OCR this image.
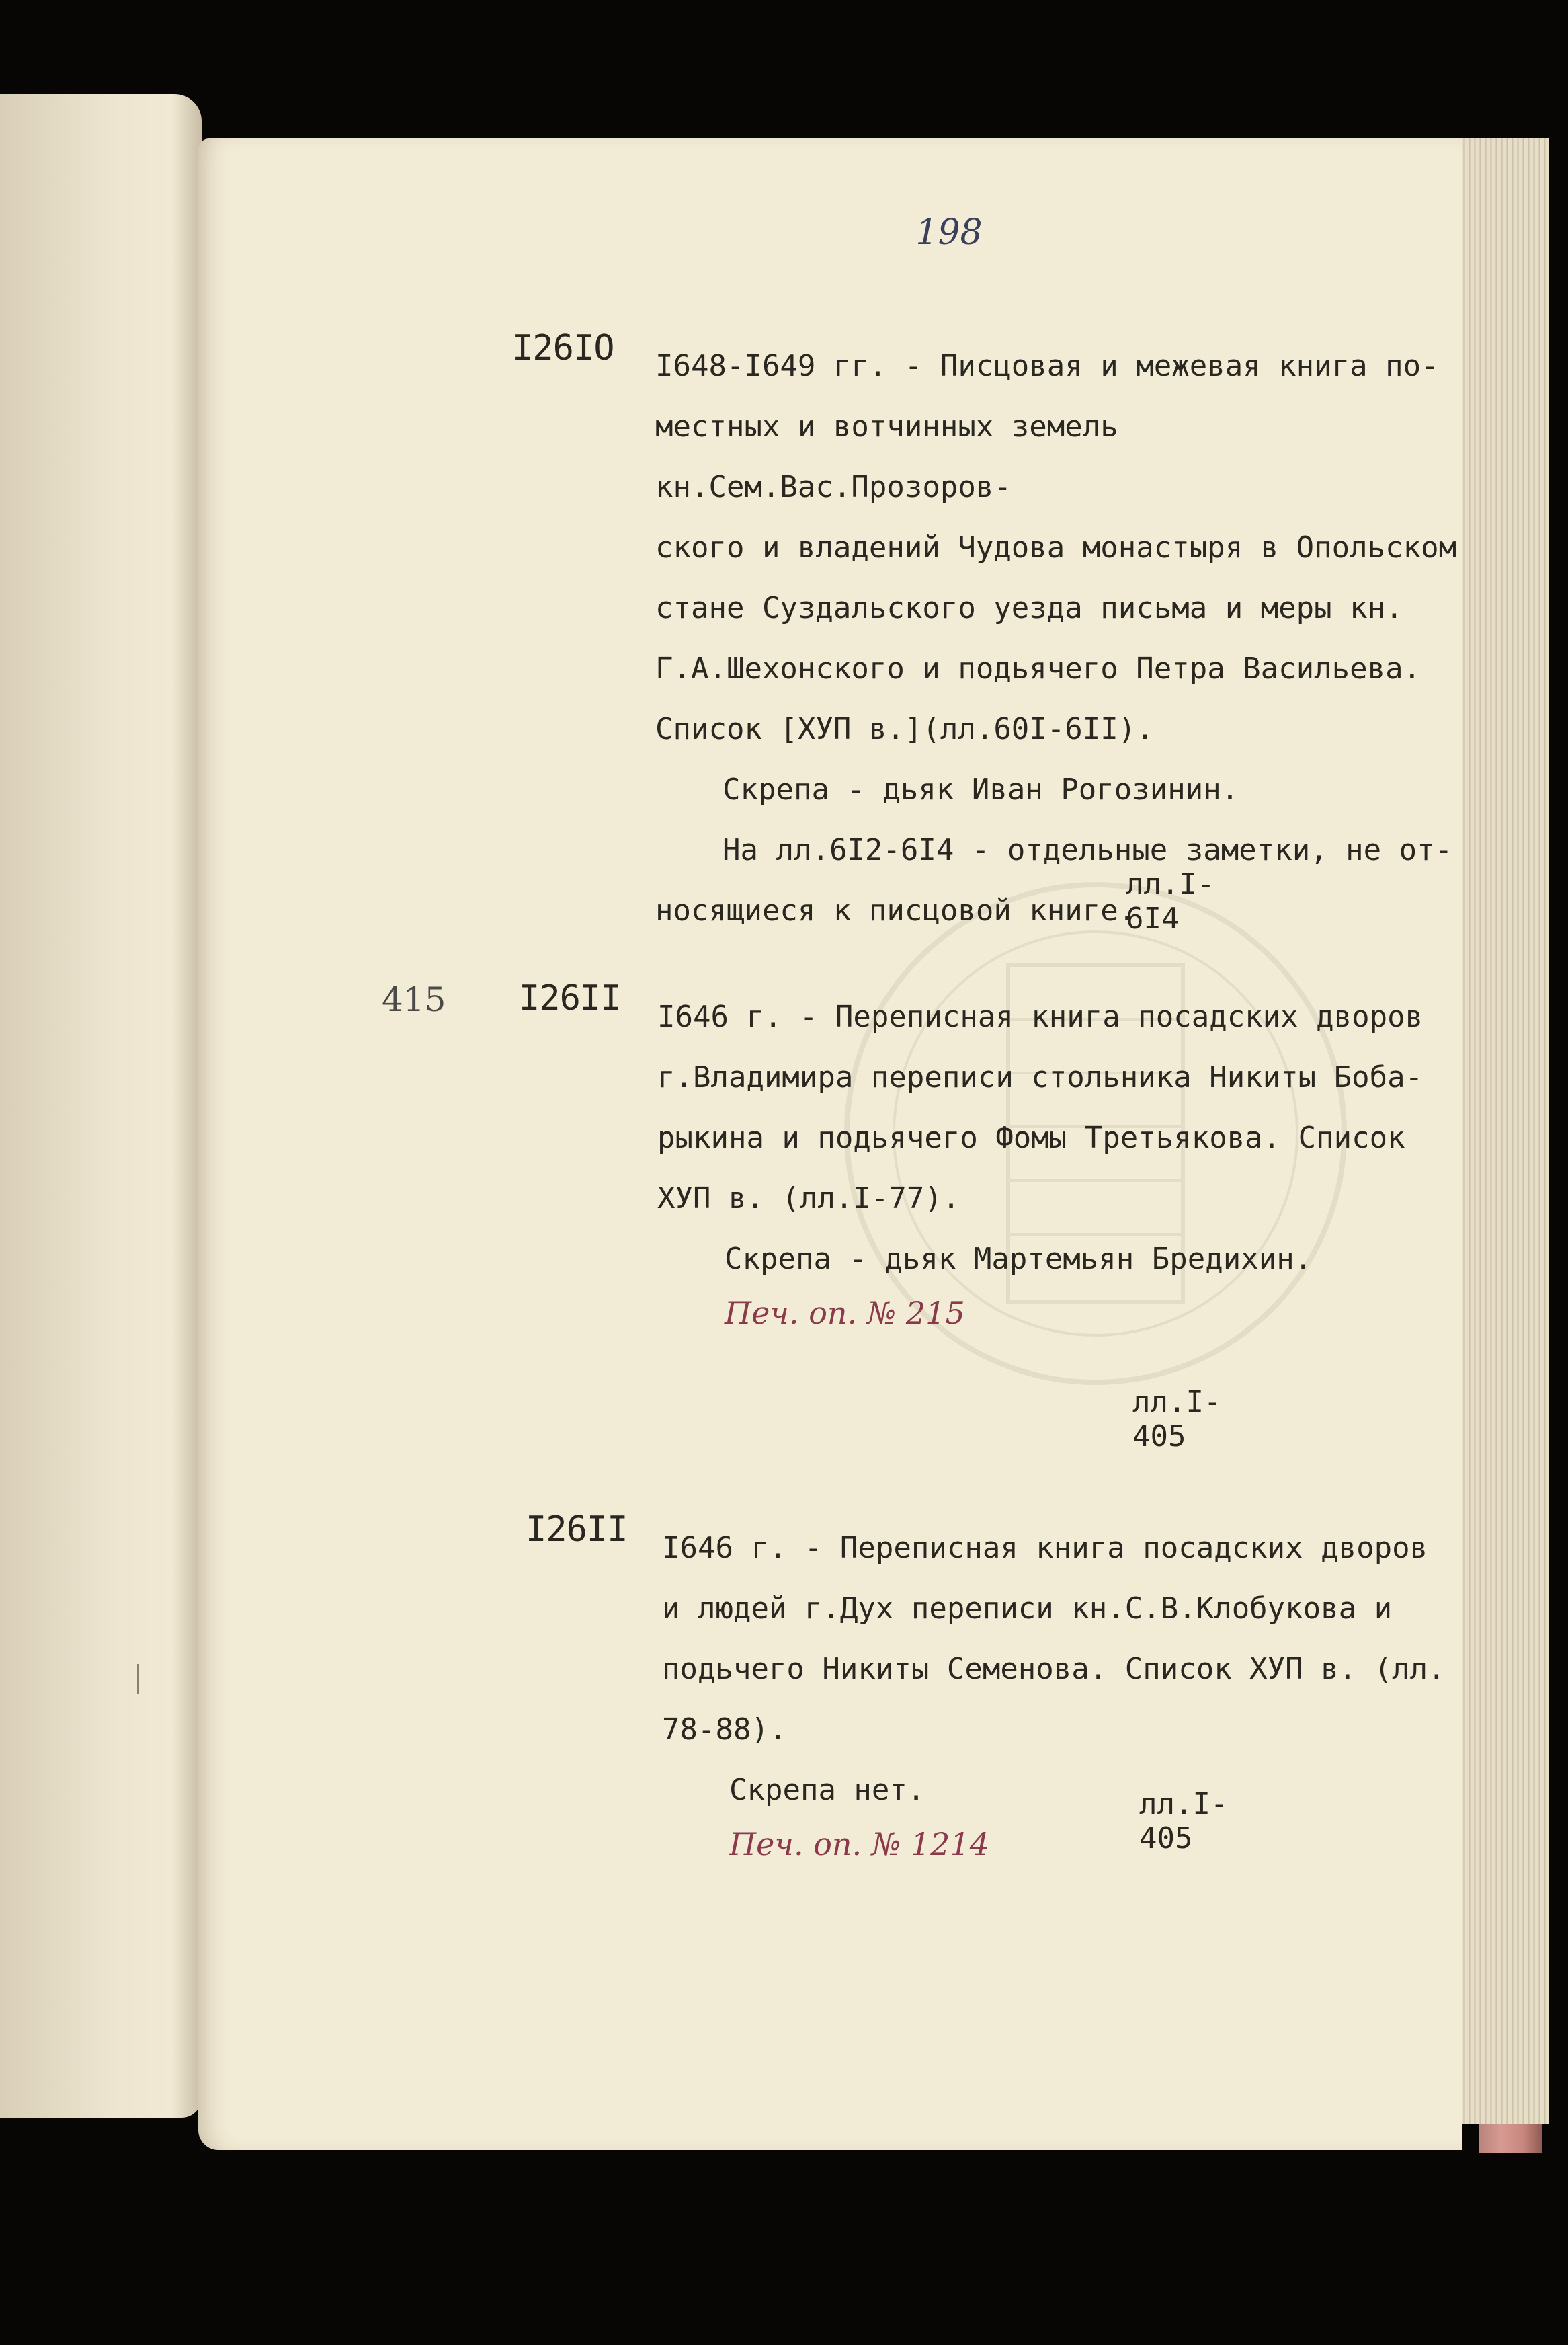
198
415
I26IO I648-I649 гг. - Писцовая и межевая книга по-

местных и вотчинных земель кн.Сем.Вас.Прозоров-

ского и владений Чудова монастыря в Опольском

стане Суздальского уезда письма и меры кн.

Г.А.Шехонского и подьячего Петра Васильева.

Список [ХУП в.](лл.60I-6II).

Скрепа - дьяк Иван Рогозинин.

На лл.6I2-6I4 - отдельные заметки, не от-

носящиеся к писцовой книге.

лл.I-6I4
I26II I646 г. - Переписная книга посадских дворов

г.Владимира переписи стольника Никиты Боба-

рыкина и подьячего Фомы Третьякова. Список

ХУП в. (лл.I-77).

Скрепа - дьяк Мартемьян Бредихин.

Печ. оп. № 215

лл.I-405
I26II I646 г. - Переписная книга посадских дворов

и людей г.Дух переписи кн.С.В.Клобукова и

подьчего Никиты Семенова. Список ХУП в. (лл.

78-88).

Скрепа нет.

Печ. оп. № 1214

лл.I-405
